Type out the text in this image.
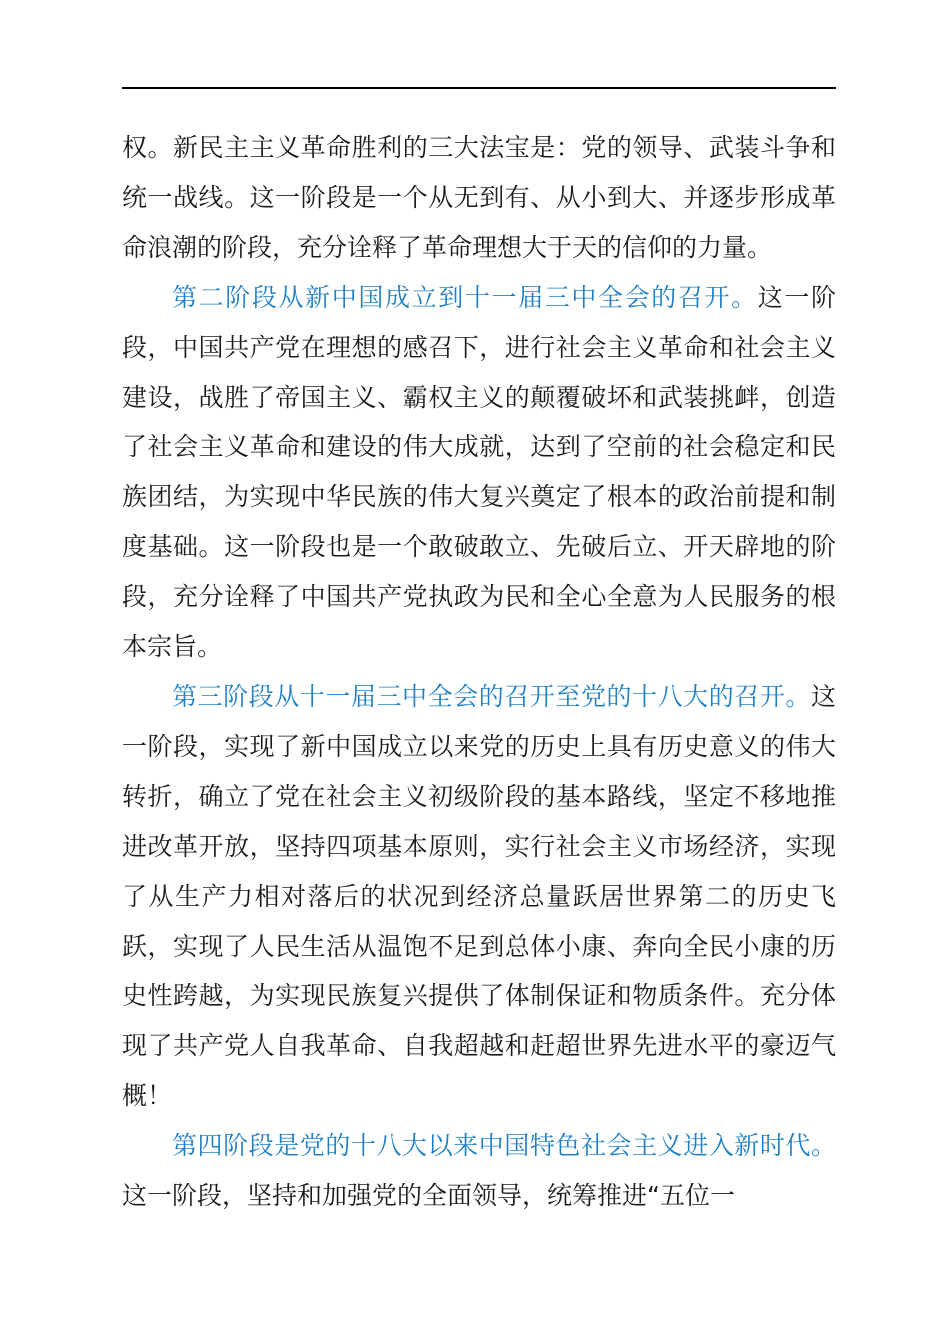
权。新民主主义革命胜利的三大法宝是：党的领导、武装斗争和统一战线。这一阶段是一个从无到有、从小到大、并逐步形成革命浪潮的阶段，充分诠释了革命理想大于天的信仰的力量。

第二阶段从新中国成立到十一届三中全会的召开。这一阶段，中国共产党在理想的感召下，进行社会主义革命和社会主义建设，战胜了帝国主义、霸权主义的颠覆破坏和武装挑衅，创造了社会主义革命和建设的伟大成就，达到了空前的社会稳定和民族团结，为实现中华民族的伟大复兴奠定了根本的政治前提和制度基础。这一阶段也是一个敢破敢立、先破后立、开天辟地的阶段，充分诠释了中国共产党执政为民和全心全意为人民服务的根本宗旨。

第三阶段从十一届三中全会的召开至党的十八大的召开。这一阶段，实现了新中国成立以来党的历史上具有历史意义的伟大转折，确立了党在社会主义初级阶段的基本路线，坚定不移地推进改革开放，坚持四项基本原则，实行社会主义市场经济，实现了从生产力相对落后的状况到经济总量跃居世界第二的历史飞跃，实现了人民生活从温饱不足到总体小康、奔向全民小康的历史性跨越，为实现民族复兴提供了体制保证和物质条件。充分体现了共产党人自我革命、自我超越和赶超世界先进水平的豪迈气概！

第四阶段是党的十八大以来中国特色社会主义进入新时代。这一阶段，坚持和加强党的全面领导，统筹推进“五位一
